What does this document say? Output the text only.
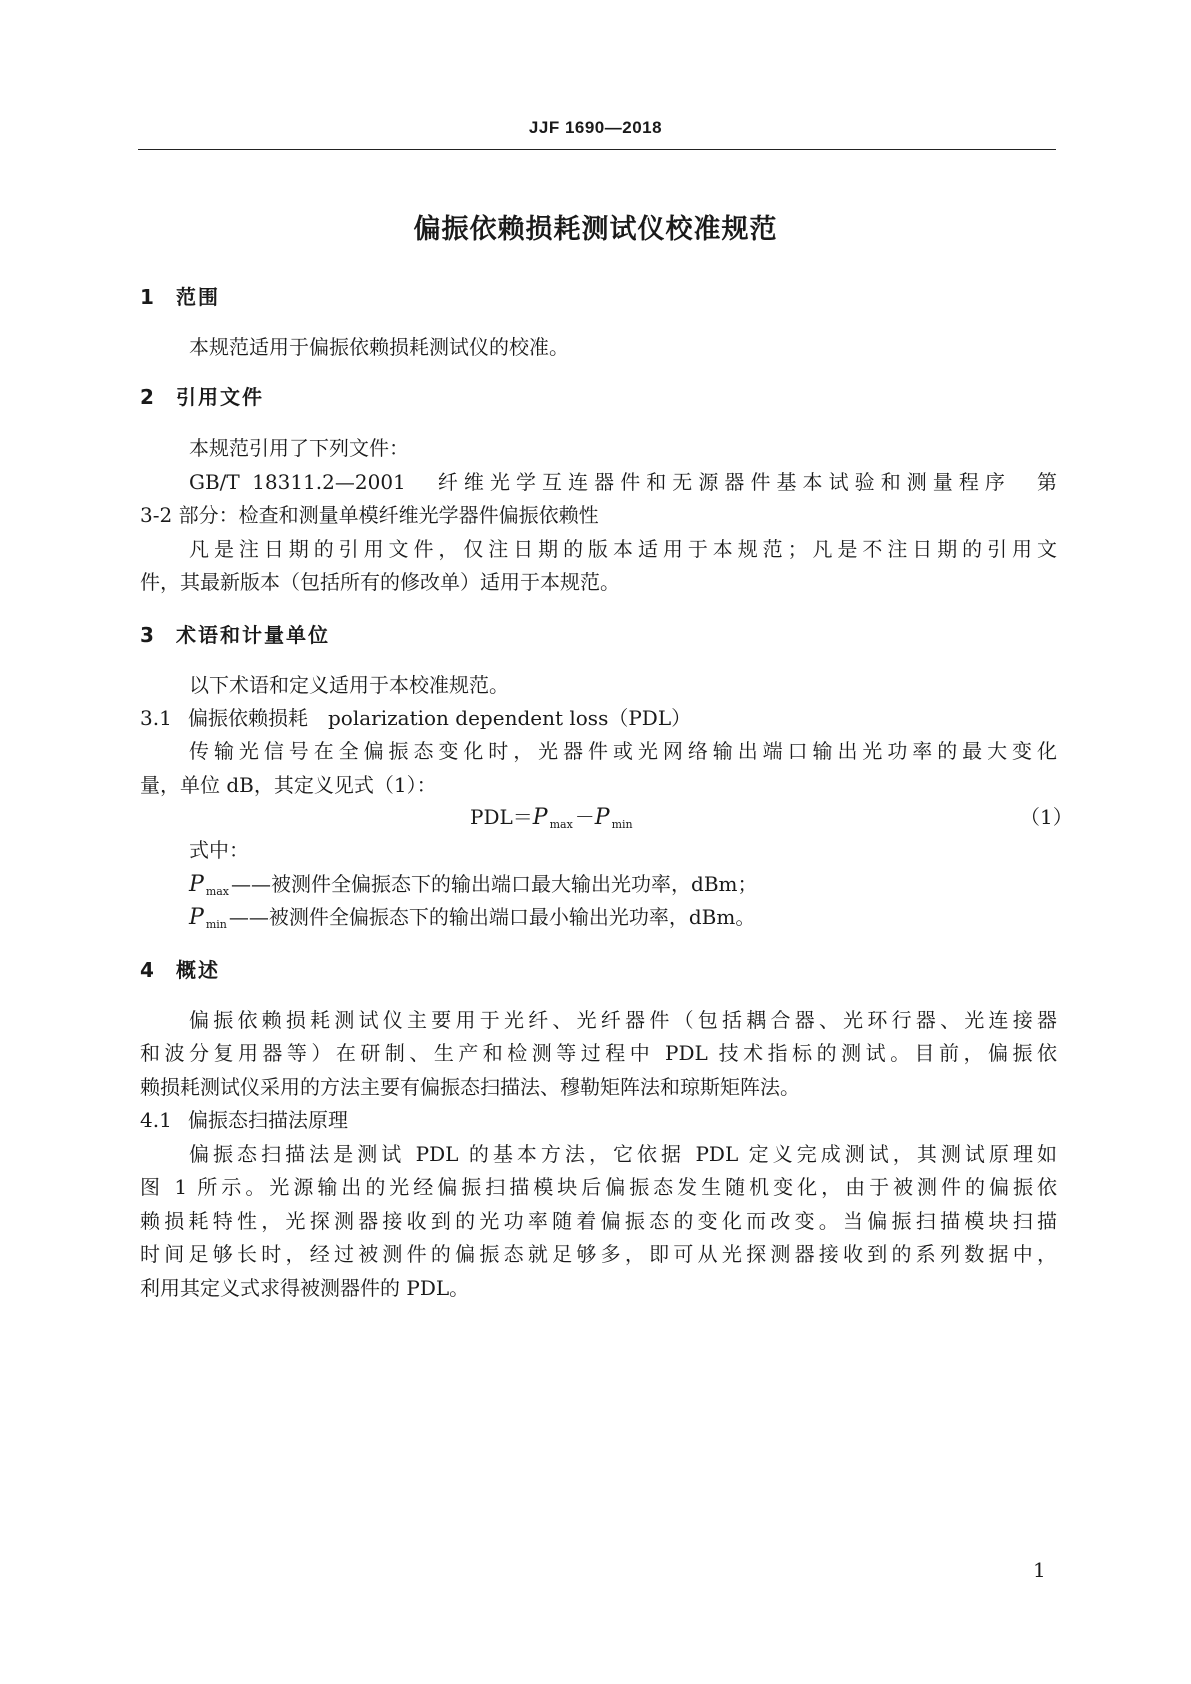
JJF 1690—2018
偏振依赖损耗测试仪校准规范
1 范围
本规范适用于偏振依赖损耗测试仪的校准。
2 引用文件
本规范引用了下列文件：
GB/T 18311.2—2001　纤维光学互连器件和无源器件基本试验和测量程序　第
3-2 部分：检查和测量单模纤维光学器件偏振依赖性
凡是注日期的引用文件，仅注日期的版本适用于本规范；凡是不注日期的引用文
件，其最新版本（包括所有的修改单）适用于本规范。
3 术语和计量单位
以下术语和定义适用于本校准规范。
3.1 偏振依赖损耗　polarization dependent loss（PDL）
传输光信号在全偏振态变化时，光器件或光网络输出端口输出光功率的最大变化
量，单位 dB，其定义见式（1）：
PDL＝P $_{max}$ －P $_{min}$	（1）
式中：
P $_{max}$ ——被测件全偏振态下的输出端口最大输出光功率，dBm；
P $_{min}$ ——被测件全偏振态下的输出端口最小输出光功率，dBm。
4 概述
偏振依赖损耗测试仪主要用于光纤、光纤器件（包括耦合器、光环行器、光连接器
和波分复用器等）在研制、生产和检测等过程中 PDL 技术指标的测试。目前，偏振依
赖损耗测试仪采用的方法主要有偏振态扫描法、穆勒矩阵法和琼斯矩阵法。
4.1 偏振态扫描法原理
偏振态扫描法是测试 PDL 的基本方法，它依据 PDL 定义完成测试，其测试原理如
图 1 所示。光源输出的光经偏振扫描模块后偏振态发生随机变化，由于被测件的偏振依
赖损耗特性，光探测器接收到的光功率随着偏振态的变化而改变。当偏振扫描模块扫描
时间足够长时，经过被测件的偏振态就足够多，即可从光探测器接收到的系列数据中，
利用其定义式求得被测器件的 PDL。
1
